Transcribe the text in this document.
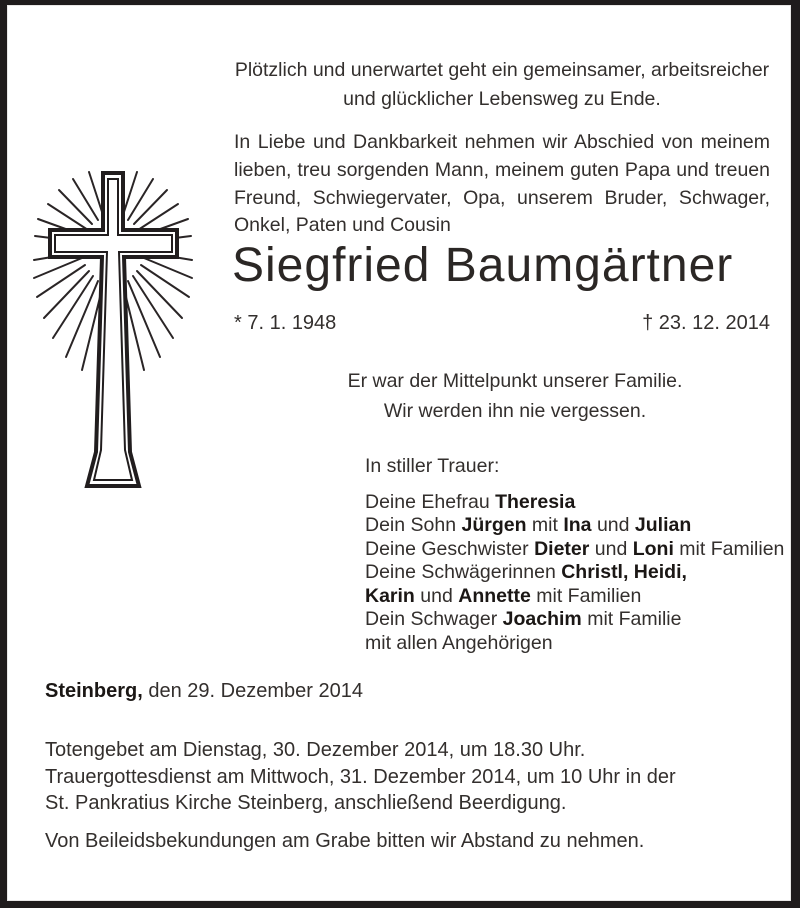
Plötzlich und unerwartet geht ein gemeinsamer, arbeitsreicher
und glücklicher Lebensweg zu Ende.
In Liebe und Dankbarkeit nehmen wir Abschied von meinem lieben, treu sorgenden Mann, meinem guten Papa und treuen Freund, Schwiegervater, Opa, unserem Bruder, Schwager, Onkel, Paten und Cousin
Siegfried Baumgärtner
* 7. 1. 1948	† 23. 12. 2014
Er war der Mittelpunkt unserer Familie.
Wir werden ihn nie vergessen.
In stiller Trauer:
Deine Ehefrau Theresia
Dein Sohn Jürgen mit Ina und Julian
Deine Geschwister Dieter und Loni mit Familien
Deine Schwägerinnen Christl, Heidi,
Karin und Annette mit Familien
Dein Schwager Joachim mit Familie
mit allen Angehörigen
Steinberg, den 29. Dezember 2014
Totengebet am Dienstag, 30. Dezember 2014, um 18.30 Uhr.
Trauergottesdienst am Mittwoch, 31. Dezember 2014, um 10 Uhr in der St. Pankratius Kirche Steinberg, anschließend Beerdigung.
Von Beileidsbekundungen am Grabe bitten wir Abstand zu nehmen.
